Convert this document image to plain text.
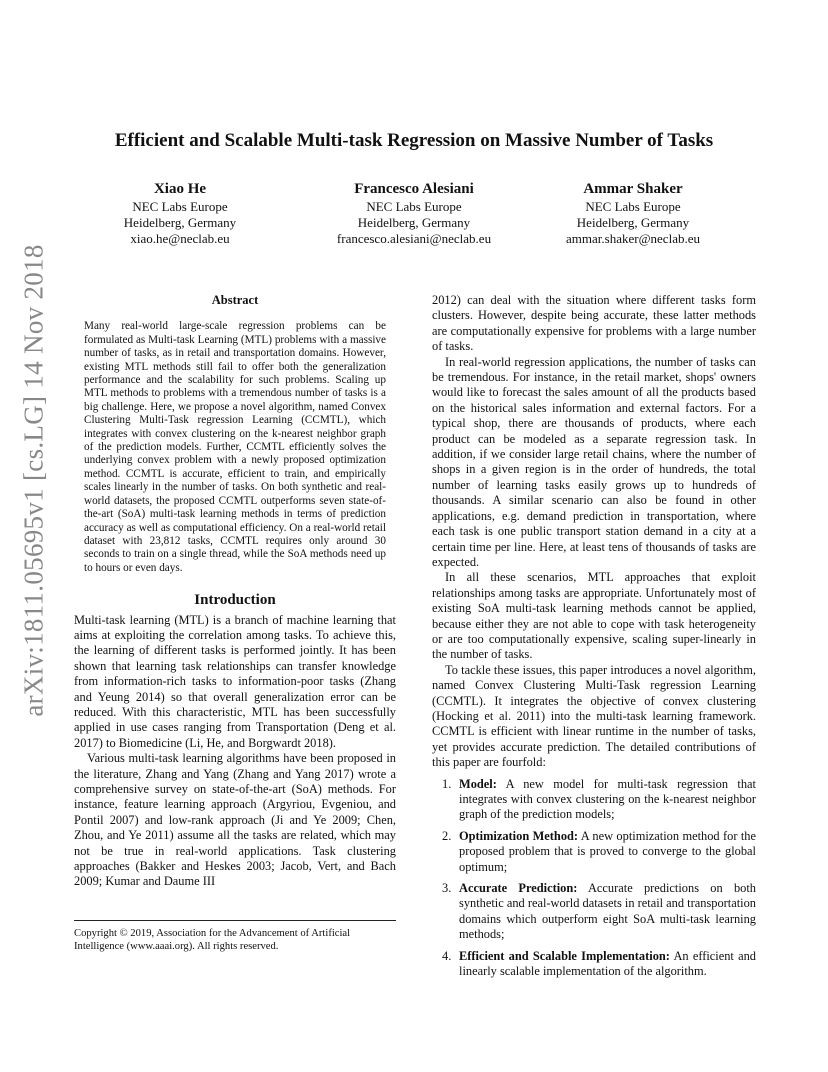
arXiv:1811.05695v1 [cs.LG] 14 Nov 2018
Efficient and Scalable Multi-task Regression on Massive Number of Tasks
Xiao He
NEC Labs Europe
Heidelberg, Germany
xiao.he@neclab.eu
Francesco Alesiani
NEC Labs Europe
Heidelberg, Germany
francesco.alesiani@neclab.eu
Ammar Shaker
NEC Labs Europe
Heidelberg, Germany
ammar.shaker@neclab.eu
Abstract

Many real-world large-scale regression problems can be formulated as Multi-task Learning (MTL) problems with a massive number of tasks, as in retail and transportation domains. However, existing MTL methods still fail to offer both the generalization performance and the scalability for such problems. Scaling up MTL methods to problems with a tremendous number of tasks is a big challenge. Here, we propose a novel algorithm, named Convex Clustering Multi-Task regression Learning (CCMTL), which integrates with convex clustering on the k-nearest neighbor graph of the prediction models. Further, CCMTL efficiently solves the underlying convex problem with a newly proposed optimization method. CCMTL is accurate, efficient to train, and empirically scales linearly in the number of tasks. On both synthetic and real-world datasets, the proposed CCMTL outperforms seven state-of-the-art (SoA) multi-task learning methods in terms of prediction accuracy as well as computational efficiency. On a real-world retail dataset with 23,812 tasks, CCMTL requires only around 30 seconds to train on a single thread, while the SoA methods need up to hours or even days.

Introduction

Multi-task learning (MTL) is a branch of machine learning that aims at exploiting the correlation among tasks. To achieve this, the learning of different tasks is performed jointly. It has been shown that learning task relationships can transfer knowledge from information-rich tasks to information-poor tasks (Zhang and Yeung 2014) so that overall generalization error can be reduced. With this characteristic, MTL has been successfully applied in use cases ranging from Transportation (Deng et al. 2017) to Biomedicine (Li, He, and Borgwardt 2018).

Various multi-task learning algorithms have been proposed in the literature, Zhang and Yang (Zhang and Yang 2017) wrote a comprehensive survey on state-of-the-art (SoA) methods. For instance, feature learning approach (Argyriou, Evgeniou, and Pontil 2007) and low-rank approach (Ji and Ye 2009; Chen, Zhou, and Ye 2011) assume all the tasks are related, which may not be true in real-world applications. Task clustering approaches (Bakker and Heskes 2003; Jacob, Vert, and Bach 2009; Kumar and Daume III

2012) can deal with the situation where different tasks form clusters. However, despite being accurate, these latter methods are computationally expensive for problems with a large number of tasks.

In real-world regression applications, the number of tasks can be tremendous. For instance, in the retail market, shops' owners would like to forecast the sales amount of all the products based on the historical sales information and external factors. For a typical shop, there are thousands of products, where each product can be modeled as a separate regression task. In addition, if we consider large retail chains, where the number of shops in a given region is in the order of hundreds, the total number of learning tasks easily grows up to hundreds of thousands. A similar scenario can also be found in other applications, e.g. demand prediction in transportation, where each task is one public transport station demand in a city at a certain time per line. Here, at least tens of thousands of tasks are expected.

In all these scenarios, MTL approaches that exploit relationships among tasks are appropriate. Unfortunately most of existing SoA multi-task learning methods cannot be applied, because either they are not able to cope with task heterogeneity or are too computationally expensive, scaling super-linearly in the number of tasks.

To tackle these issues, this paper introduces a novel algorithm, named Convex Clustering Multi-Task regression Learning (CCMTL). It integrates the objective of convex clustering (Hocking et al. 2011) into the multi-task learning framework. CCMTL is efficient with linear runtime in the number of tasks, yet provides accurate prediction. The detailed contributions of this paper are fourfold:

1. Model: A new model for multi-task regression that integrates with convex clustering on the k-nearest neighbor graph of the prediction models;
2. Optimization Method: A new optimization method for the proposed problem that is proved to converge to the global optimum;
3. Accurate Prediction: Accurate predictions on both synthetic and real-world datasets in retail and transportation domains which outperform eight SoA multi-task learning methods;
4. Efficient and Scalable Implementation: An efficient and linearly scalable implementation of the algorithm.
Copyright © 2019, Association for the Advancement of Artificial Intelligence (www.aaai.org). All rights reserved.
